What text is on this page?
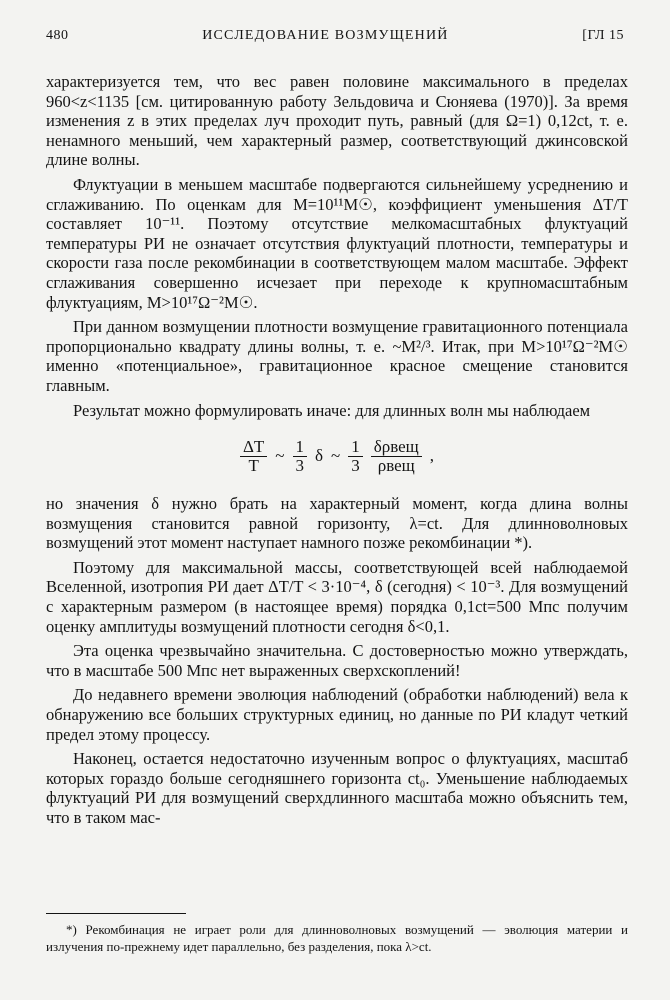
480	ИССЛЕДОВАНИЕ ВОЗМУЩЕНИЙ	[ГЛ 15

характеризуется тем, что вес равен половине максимального в пределах 960<z<1135 [см. цитированную работу Зельдовича и Сюняева (1970)]. За время изменения z в этих пределах луч проходит путь, равный (для Ω=1) 0,12ct, т. е. ненамного меньший, чем характерный размер, соответствующий джинсовской длине волны.

Флуктуации в меньшем масштабе подвергаются сильнейшему усреднению и сглаживанию. По оценкам для M=10¹¹M☉, коэффициент уменьшения ΔT/T составляет 10⁻¹¹. Поэтому отсутствие мелкомасштабных флуктуаций температуры РИ не означает отсутствия флуктуаций плотности, температуры и скорости газа после рекомбинации в соответствующем малом масштабе. Эффект сглаживания совершенно исчезает при переходе к крупномасштабным флуктуациям, M>10¹⁷Ω⁻²M☉.

При данном возмущении плотности возмущение гравитационного потенциала пропорционально квадрату длины волны, т. е. ~M²/³. Итак, при M>10¹⁷Ω⁻²M☉ именно «потенциальное», гравитационное красное смещение становится главным.

Результат можно формулировать иначе: для длинных волн мы наблюдаем

$\frac{\Delta T}{T}$ ~ $\frac{1}{3}$ δ ~ $\frac{1}{3} \frac{\text{δρвещ}}{\text{ρвещ}}$ ,

но значения δ нужно брать на характерный момент, когда длина волны возмущения становится равной горизонту, λ=ct. Для длинноволновых возмущений этот момент наступает намного позже рекомбинации *).

Поэтому для максимальной массы, соответствующей всей наблюдаемой Вселенной, изотропия РИ дает ΔT/T < 3·10⁻⁴, δ (сегодня) < 10⁻³. Для возмущений с характерным размером (в настоящее время) порядка 0,1ct=500 Мпс получим оценку амплитуды возмущений плотности сегодня δ<0,1.

Эта оценка чрезвычайно значительна. С достоверностью можно утверждать, что в масштабе 500 Мпс нет выраженных сверхскоплений!

До недавнего времени эволюция наблюдений (обработки наблюдений) вела к обнаружению все больших структурных единиц, но данные по РИ кладут четкий предел этому процессу.

Наконец, остается недостаточно изученным вопрос о флуктуациях, масштаб которых гораздо больше сегодняшнего горизонта ct₀. Уменьшение наблюдаемых флуктуаций РИ для возмущений сверхдлинного масштаба можно объяснить тем, что в таком мас-

*) Рекомбинация не играет роли для длинноволновых возмущений — эволюция материи и излучения по-прежнему идет параллельно, без разделения, пока λ>ct.
